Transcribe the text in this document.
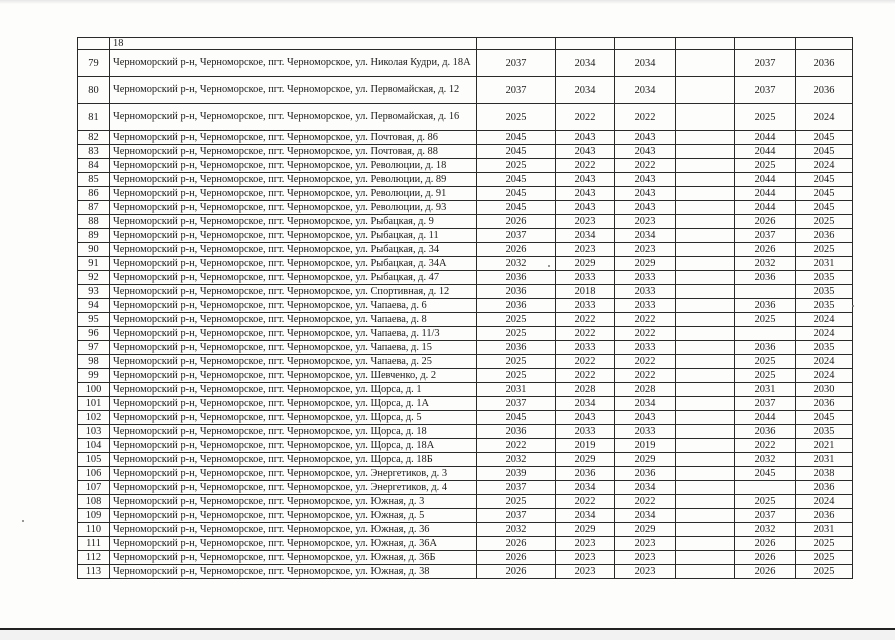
	18						
79	Черноморский р-н, Черноморское, пгт. Черноморское, ул. Николая Кудри, д. 18А	2037	2034	2034		2037	2036
80	Черноморский р-н, Черноморское, пгт. Черноморское, ул. Первомайская, д. 12	2037	2034	2034		2037	2036
81	Черноморский р-н, Черноморское, пгт. Черноморское, ул. Первомайская, д. 16	2025	2022	2022		2025	2024
82	Черноморский р-н, Черноморское, пгт. Черноморское, ул. Почтовая, д. 86	2045	2043	2043		2044	2045
83	Черноморский р-н, Черноморское, пгт. Черноморское, ул. Почтовая, д. 88	2045	2043	2043		2044	2045
84	Черноморский р-н, Черноморское, пгт. Черноморское, ул. Революции, д. 18	2025	2022	2022		2025	2024
85	Черноморский р-н, Черноморское, пгт. Черноморское, ул. Революции, д. 89	2045	2043	2043		2044	2045
86	Черноморский р-н, Черноморское, пгт. Черноморское, ул. Революции, д. 91	2045	2043	2043		2044	2045
87	Черноморский р-н, Черноморское, пгт. Черноморское, ул. Революции, д. 93	2045	2043	2043		2044	2045
88	Черноморский р-н, Черноморское, пгт. Черноморское, ул. Рыбацкая, д. 9	2026	2023	2023		2026	2025
89	Черноморский р-н, Черноморское, пгт. Черноморское, ул. Рыбацкая, д. 11	2037	2034	2034		2037	2036
90	Черноморский р-н, Черноморское, пгт. Черноморское, ул. Рыбацкая, д. 34	2026	2023	2023		2026	2025
91	Черноморский р-н, Черноморское, пгт. Черноморское, ул. Рыбацкая, д. 34А	2032	2029	2029		2032	2031
92	Черноморский р-н, Черноморское, пгт. Черноморское, ул. Рыбацкая, д. 47	2036	2033	2033		2036	2035
93	Черноморский р-н, Черноморское, пгт. Черноморское, ул. Спортивная, д. 12	2036	2018	2033			2035
94	Черноморский р-н, Черноморское, пгт. Черноморское, ул. Чапаева, д. 6	2036	2033	2033		2036	2035
95	Черноморский р-н, Черноморское, пгт. Черноморское, ул. Чапаева, д. 8	2025	2022	2022		2025	2024
96	Черноморский р-н, Черноморское, пгт. Черноморское, ул. Чапаева, д. 11/3	2025	2022	2022			2024
97	Черноморский р-н, Черноморское, пгт. Черноморское, ул. Чапаева, д. 15	2036	2033	2033		2036	2035
98	Черноморский р-н, Черноморское, пгт. Черноморское, ул. Чапаева, д. 25	2025	2022	2022		2025	2024
99	Черноморский р-н, Черноморское, пгт. Черноморское, ул. Шевченко, д. 2	2025	2022	2022		2025	2024
100	Черноморский р-н, Черноморское, пгт. Черноморское, ул. Щорса, д. 1	2031	2028	2028		2031	2030
101	Черноморский р-н, Черноморское, пгт. Черноморское, ул. Щорса, д. 1А	2037	2034	2034		2037	2036
102	Черноморский р-н, Черноморское, пгт. Черноморское, ул. Щорса, д. 5	2045	2043	2043		2044	2045
103	Черноморский р-н, Черноморское, пгт. Черноморское, ул. Щорса, д. 18	2036	2033	2033		2036	2035
104	Черноморский р-н, Черноморское, пгт. Черноморское, ул. Щорса, д. 18А	2022	2019	2019		2022	2021
105	Черноморский р-н, Черноморское, пгт. Черноморское, ул. Щорса, д. 18Б	2032	2029	2029		2032	2031
106	Черноморский р-н, Черноморское, пгт. Черноморское, ул. Энергетиков, д. 3	2039	2036	2036		2045	2038
107	Черноморский р-н, Черноморское, пгт. Черноморское, ул. Энергетиков, д. 4	2037	2034	2034			2036
108	Черноморский р-н, Черноморское, пгт. Черноморское, ул. Южная, д. 3	2025	2022	2022		2025	2024
109	Черноморский р-н, Черноморское, пгт. Черноморское, ул. Южная, д. 5	2037	2034	2034		2037	2036
110	Черноморский р-н, Черноморское, пгт. Черноморское, ул. Южная, д. 36	2032	2029	2029		2032	2031
111	Черноморский р-н, Черноморское, пгт. Черноморское, ул. Южная, д. 36А	2026	2023	2023		2026	2025
112	Черноморский р-н, Черноморское, пгт. Черноморское, ул. Южная, д. 36Б	2026	2023	2023		2026	2025
113	Черноморский р-н, Черноморское, пгт. Черноморское, ул. Южная, д. 38	2026	2023	2023		2026	2025
